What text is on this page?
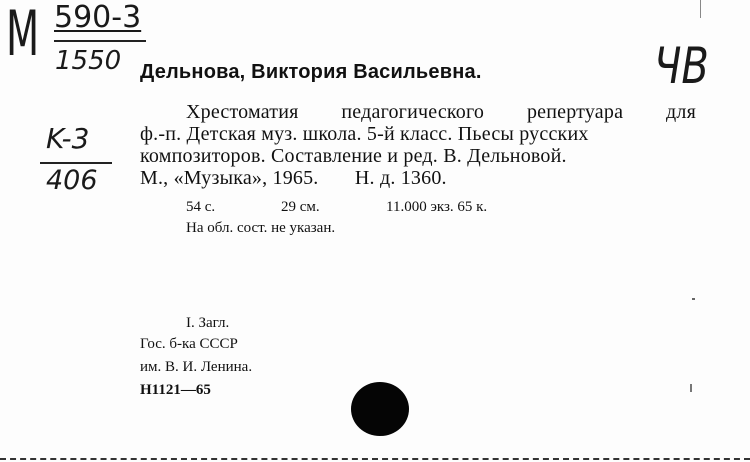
M 590-3
1550
K-3
406
ЧВ
Дельнова, Виктория Васильевна.
Хрестоматия педагогического репертуара для
ф.-п. Детская муз. школа. 5-й класс. Пьесы русских
композиторов. Составление и ред. В. Дельновой.
М., «Музыка», 1965.       Н. д. 1360.
54 с.	29 см.	11.000 экз. 65 к.
На обл. сост. не указан.
I. Загл.
Гос. б-ка СССР
им. В. И. Ленина.
Н1121—65
